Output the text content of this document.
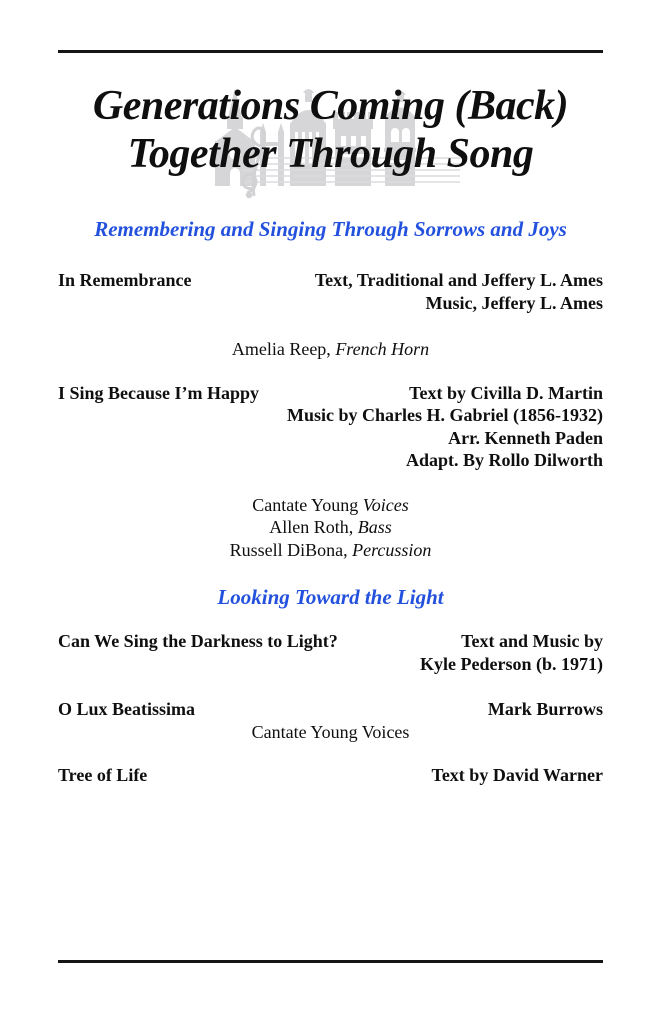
Generations Coming (Back)
Together Through Song
Remembering and Singing Through Sorrows and Joys
In Remembrance	Text, Traditional and Jeffery L. Ames
Music, Jeffery L. Ames
Amelia Reep, French Horn
I Sing Because I’m Happy	Text by Civilla D. Martin
Music by Charles H. Gabriel (1856-1932)
Arr. Kenneth Paden
Adapt. By Rollo Dilworth
Cantate Young Voices
Allen Roth, Bass
Russell DiBona, Percussion
Looking Toward the Light
Can We Sing the Darkness to Light?	Text and Music by
Kyle Pederson (b. 1971)
O Lux Beatissima	Mark Burrows
Cantate Young Voices
Tree of Life	Text by David Warner
